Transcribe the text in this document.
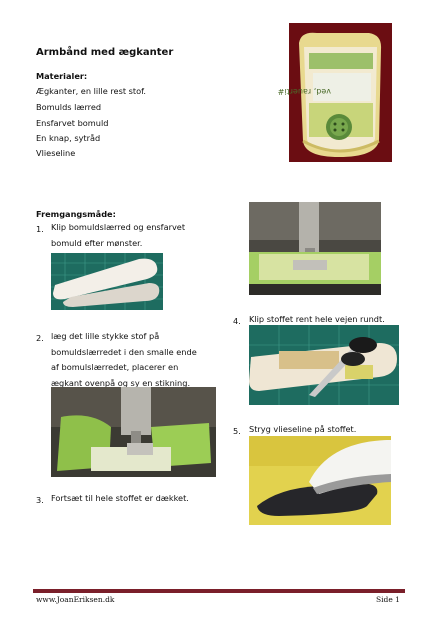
Armbånd med ægkanter
Materialer:
Ægkanter, en lille rest stof.
Bomulds lærred
Ensfarvet bomuld
En knap, sytråd
Vlieseline
ved, rauerti#
Fremgangsmåde:
1. Klip bomuldslærred og ensfarvet
bomuld efter mønster.
2. læg det lille stykke stof på
bomuldslærredet i den smalle ende
af bomulslærredet, placerer en
ægkant ovenpå og sy en stikning.
3. Fortsæt til hele stoffet er dækket.
4. Klip stoffet rent hele vejen rundt.
5. Stryg vlieseline på stoffet.
www.JoanEriksen.dk	Side 1
